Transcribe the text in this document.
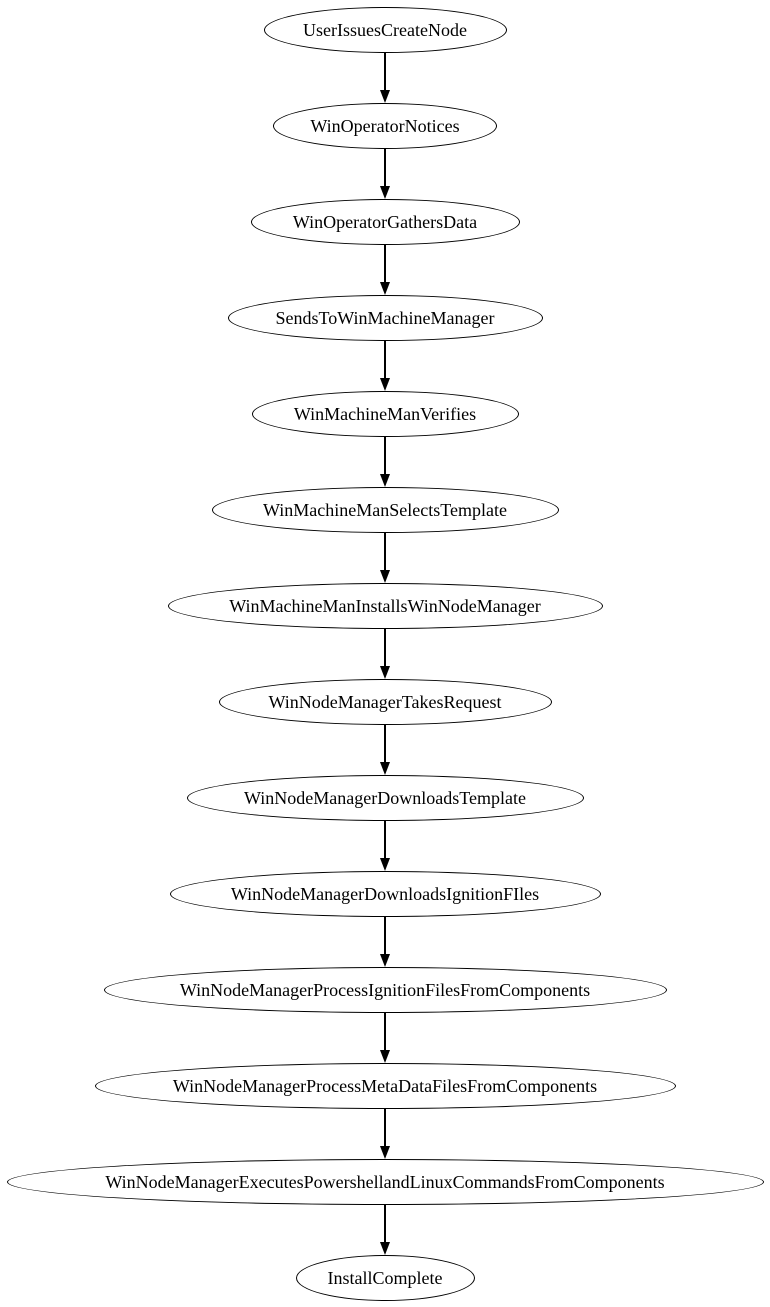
UserIssuesCreateNode
WinOperatorNotices
WinOperatorGathersData
SendsToWinMachineManager
WinMachineManVerifies
WinMachineManSelectsTemplate
WinMachineManInstallsWinNodeManager
WinNodeManagerTakesRequest
WinNodeManagerDownloadsTemplate
WinNodeManagerDownloadsIgnitionFIles
WinNodeManagerProcessIgnitionFilesFromComponents
WinNodeManagerProcessMetaDataFilesFromComponents
WinNodeManagerExecutesPowershellandLinuxCommandsFromComponents
InstallComplete
